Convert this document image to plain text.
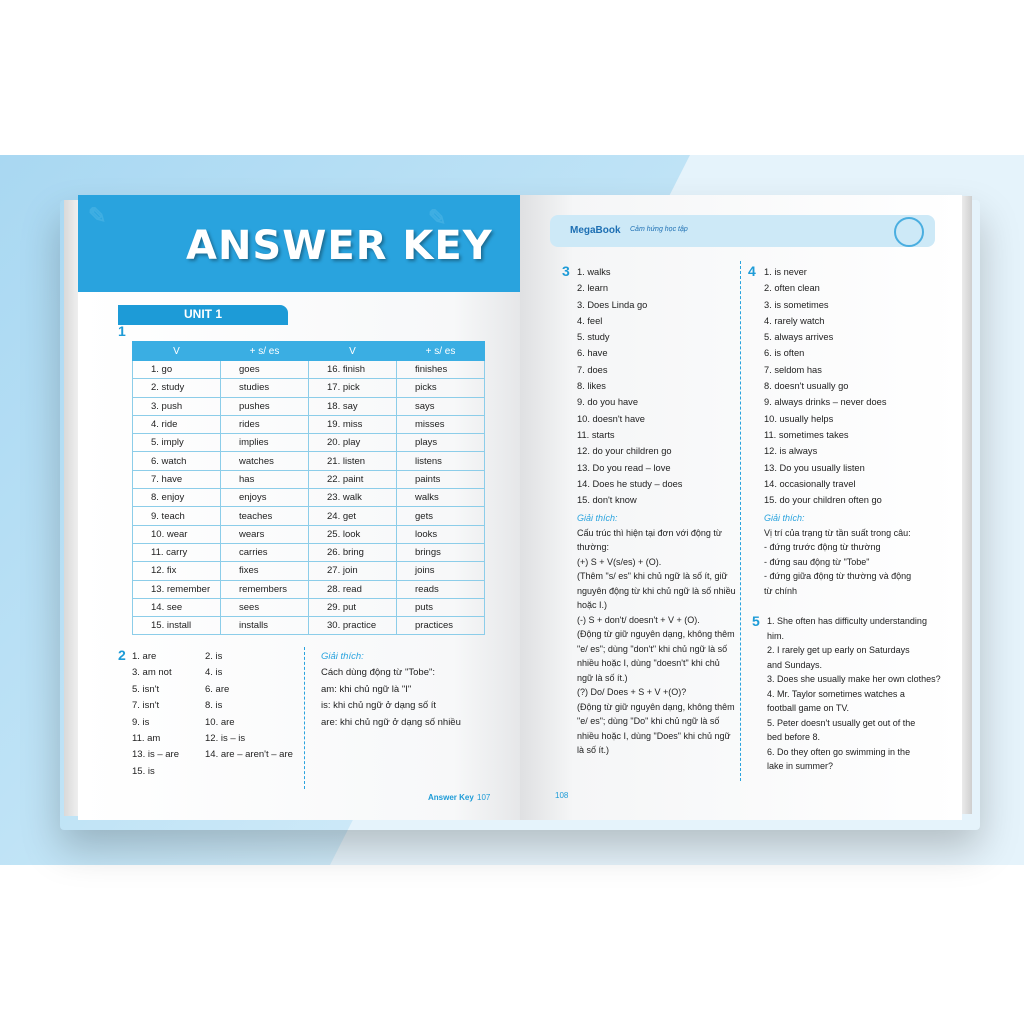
✎	✎
ANSWER KEY
UNIT 1
1
V	+ s/ es	V	+ s/ es
1. go	goes	16. finish	finishes
2. study	studies	17. pick	picks
3. push	pushes	18. say	says
4. ride	rides	19. miss	misses
5. imply	implies	20. play	plays
6. watch	watches	21. listen	listens
7. have	has	22. paint	paints
8. enjoy	enjoys	23. walk	walks
9. teach	teaches	24. get	gets
10. wear	wears	25. look	looks
11. carry	carries	26. bring	brings
12. fix	fixes	27. join	joins
13. remember	remembers	28. read	reads
14. see	sees	29. put	puts
15. install	installs	30. practice	practices
2 1. are
3. am not
5. isn't
7. isn't
9. is
11. am
13. is – are
15. is
2. is
4. is
6. are
8. is
10. are
12. is – is
14. are – aren't – are
Giải thích:
Cách dùng động từ "Tobe":
am: khi chủ ngữ là "I"
is: khi chủ ngữ ở dạng số ít
are: khi chủ ngữ ở dạng số nhiều
Answer Key 107
MegaBook Cảm hứng học tập
3 1. walks
2. learn
3. Does Linda go
4. feel
5. study
6. have
7. does
8. likes
9. do you have
10. doesn't have
11. starts
12. do your children go
13. Do you read – love
14. Does he study – does
15. don't know
Giải thích:
Cấu trúc thì hiện tại đơn với động từ
thường:
(+) S + V(s/es) + (O).
(Thêm "s/ es" khi chủ ngữ là số ít, giữ
nguyên động từ khi chủ ngữ là số nhiều
hoặc I.)
(-) S + don't/ doesn't + V + (O).
(Động từ giữ nguyên dạng, không thêm
"e/ es"; dùng "don't" khi chủ ngữ là số
nhiều hoặc I, dùng "doesn't" khi chủ
ngữ là số ít.)
(?) Do/ Does + S + V +(O)?
(Động từ giữ nguyên dạng, không thêm
"e/ es"; dùng "Do" khi chủ ngữ là số
nhiều hoặc I, dùng "Does" khi chủ ngữ
là số ít.)
4 1. is never
2. often clean
3. is sometimes
4. rarely watch
5. always arrives
6. is often
7. seldom has
8. doesn't usually go
9. always drinks – never does
10. usually helps
11. sometimes takes
12. is always
13. Do you usually listen
14. occasionally travel
15. do your children often go
Giải thích:
Vị trí của trạng từ tần suất trong câu:
- đứng trước động từ thường
- đứng sau động từ "Tobe"
- đứng giữa động từ thường và động
từ chính
5 1. She often has difficulty understanding
him.
2. I rarely get up early on Saturdays
and Sundays.
3. Does she usually make her own clothes?
4. Mr. Taylor sometimes watches a
football game on TV.
5. Peter doesn't usually get out of the
bed before 8.
6. Do they often go swimming in the
lake in summer?
108
